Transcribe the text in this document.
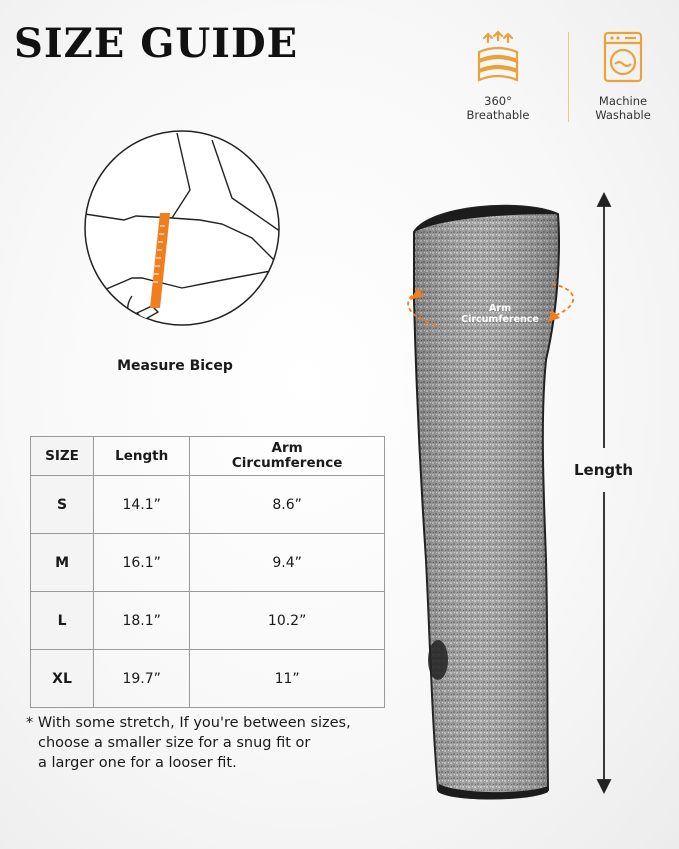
SIZE GUIDE
360°
Breathable
Machine
Washable
Measure Bicep
SIZE	Length	Arm
Circumference

S	14.1”	8.6”
M	16.1”	9.4”
L	18.1”	10.2”
XL	19.7”	11”
* With some stretch, If you're between sizes,
choose a smaller size for a snug fit or
a larger one for a looser fit.
Arm
Circumference
Length
